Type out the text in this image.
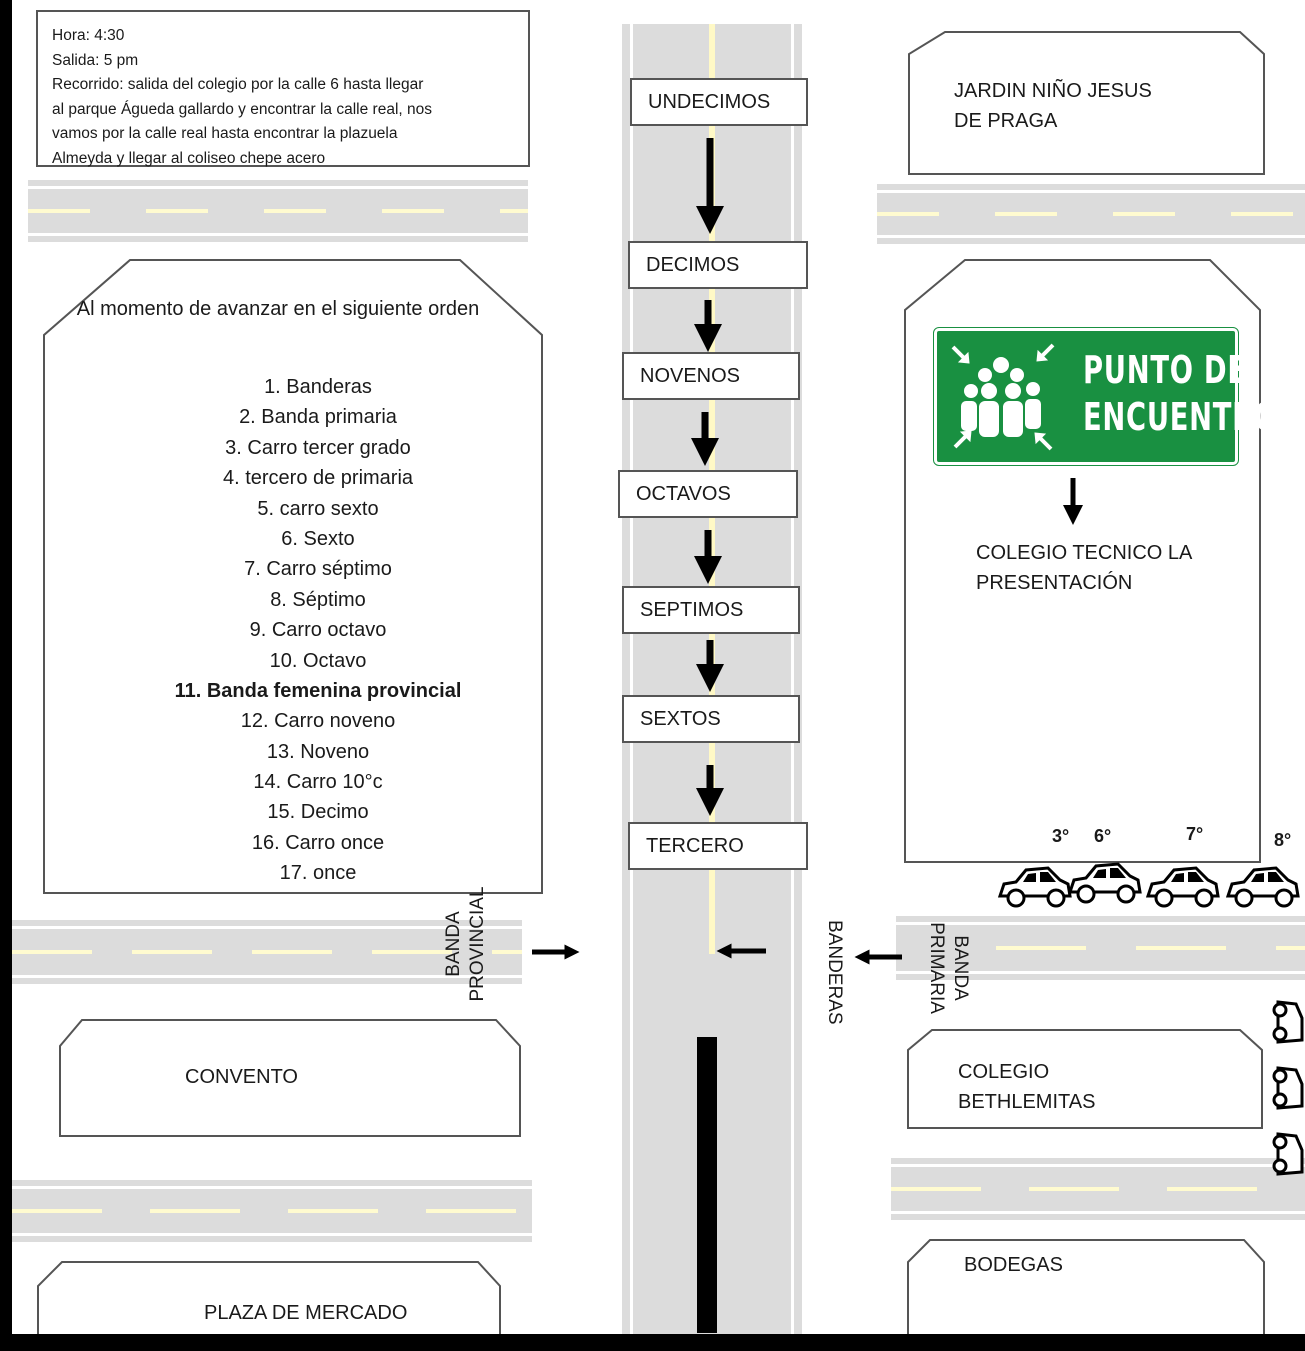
Hora: 4:30
Salida: 5 pm
Recorrido: salida del colegio por la calle 6 hasta llegar
al parque Águeda gallardo y encontrar la calle real, nos
vamos por la calle real hasta encontrar la plazuela
Almeyda y llegar al coliseo chepe acero
Al momento de avanzar en el siguiente orden
1. Banderas
2. Banda primaria
3. Carro tercer grado
4. tercero de primaria
5. carro sexto
6. Sexto
7. Carro séptimo
8. Séptimo
9. Carro octavo
10. Octavo
11. Banda femenina provincial
12. Carro noveno
13. Noveno
14. Carro 10°c
15. Decimo
16. Carro once
17. once
UNDECIMOS
DECIMOS
NOVENOS
OCTAVOS
SEPTIMOS
SEXTOS
TERCERO
JARDIN NIÑO JESUS
DE PRAGA
COLEGIO TECNICO LA
PRESENTACIÓN
CONVENTO	COLEGIO
BETHLEMITAS
PLAZA DE MERCADO
BODEGAS
PUNTO DE
ENCUENTRO
BANDA PROVINCIAL	BANDERAS	BANDA
PRIMARIA
3° 6°	7°	8°
